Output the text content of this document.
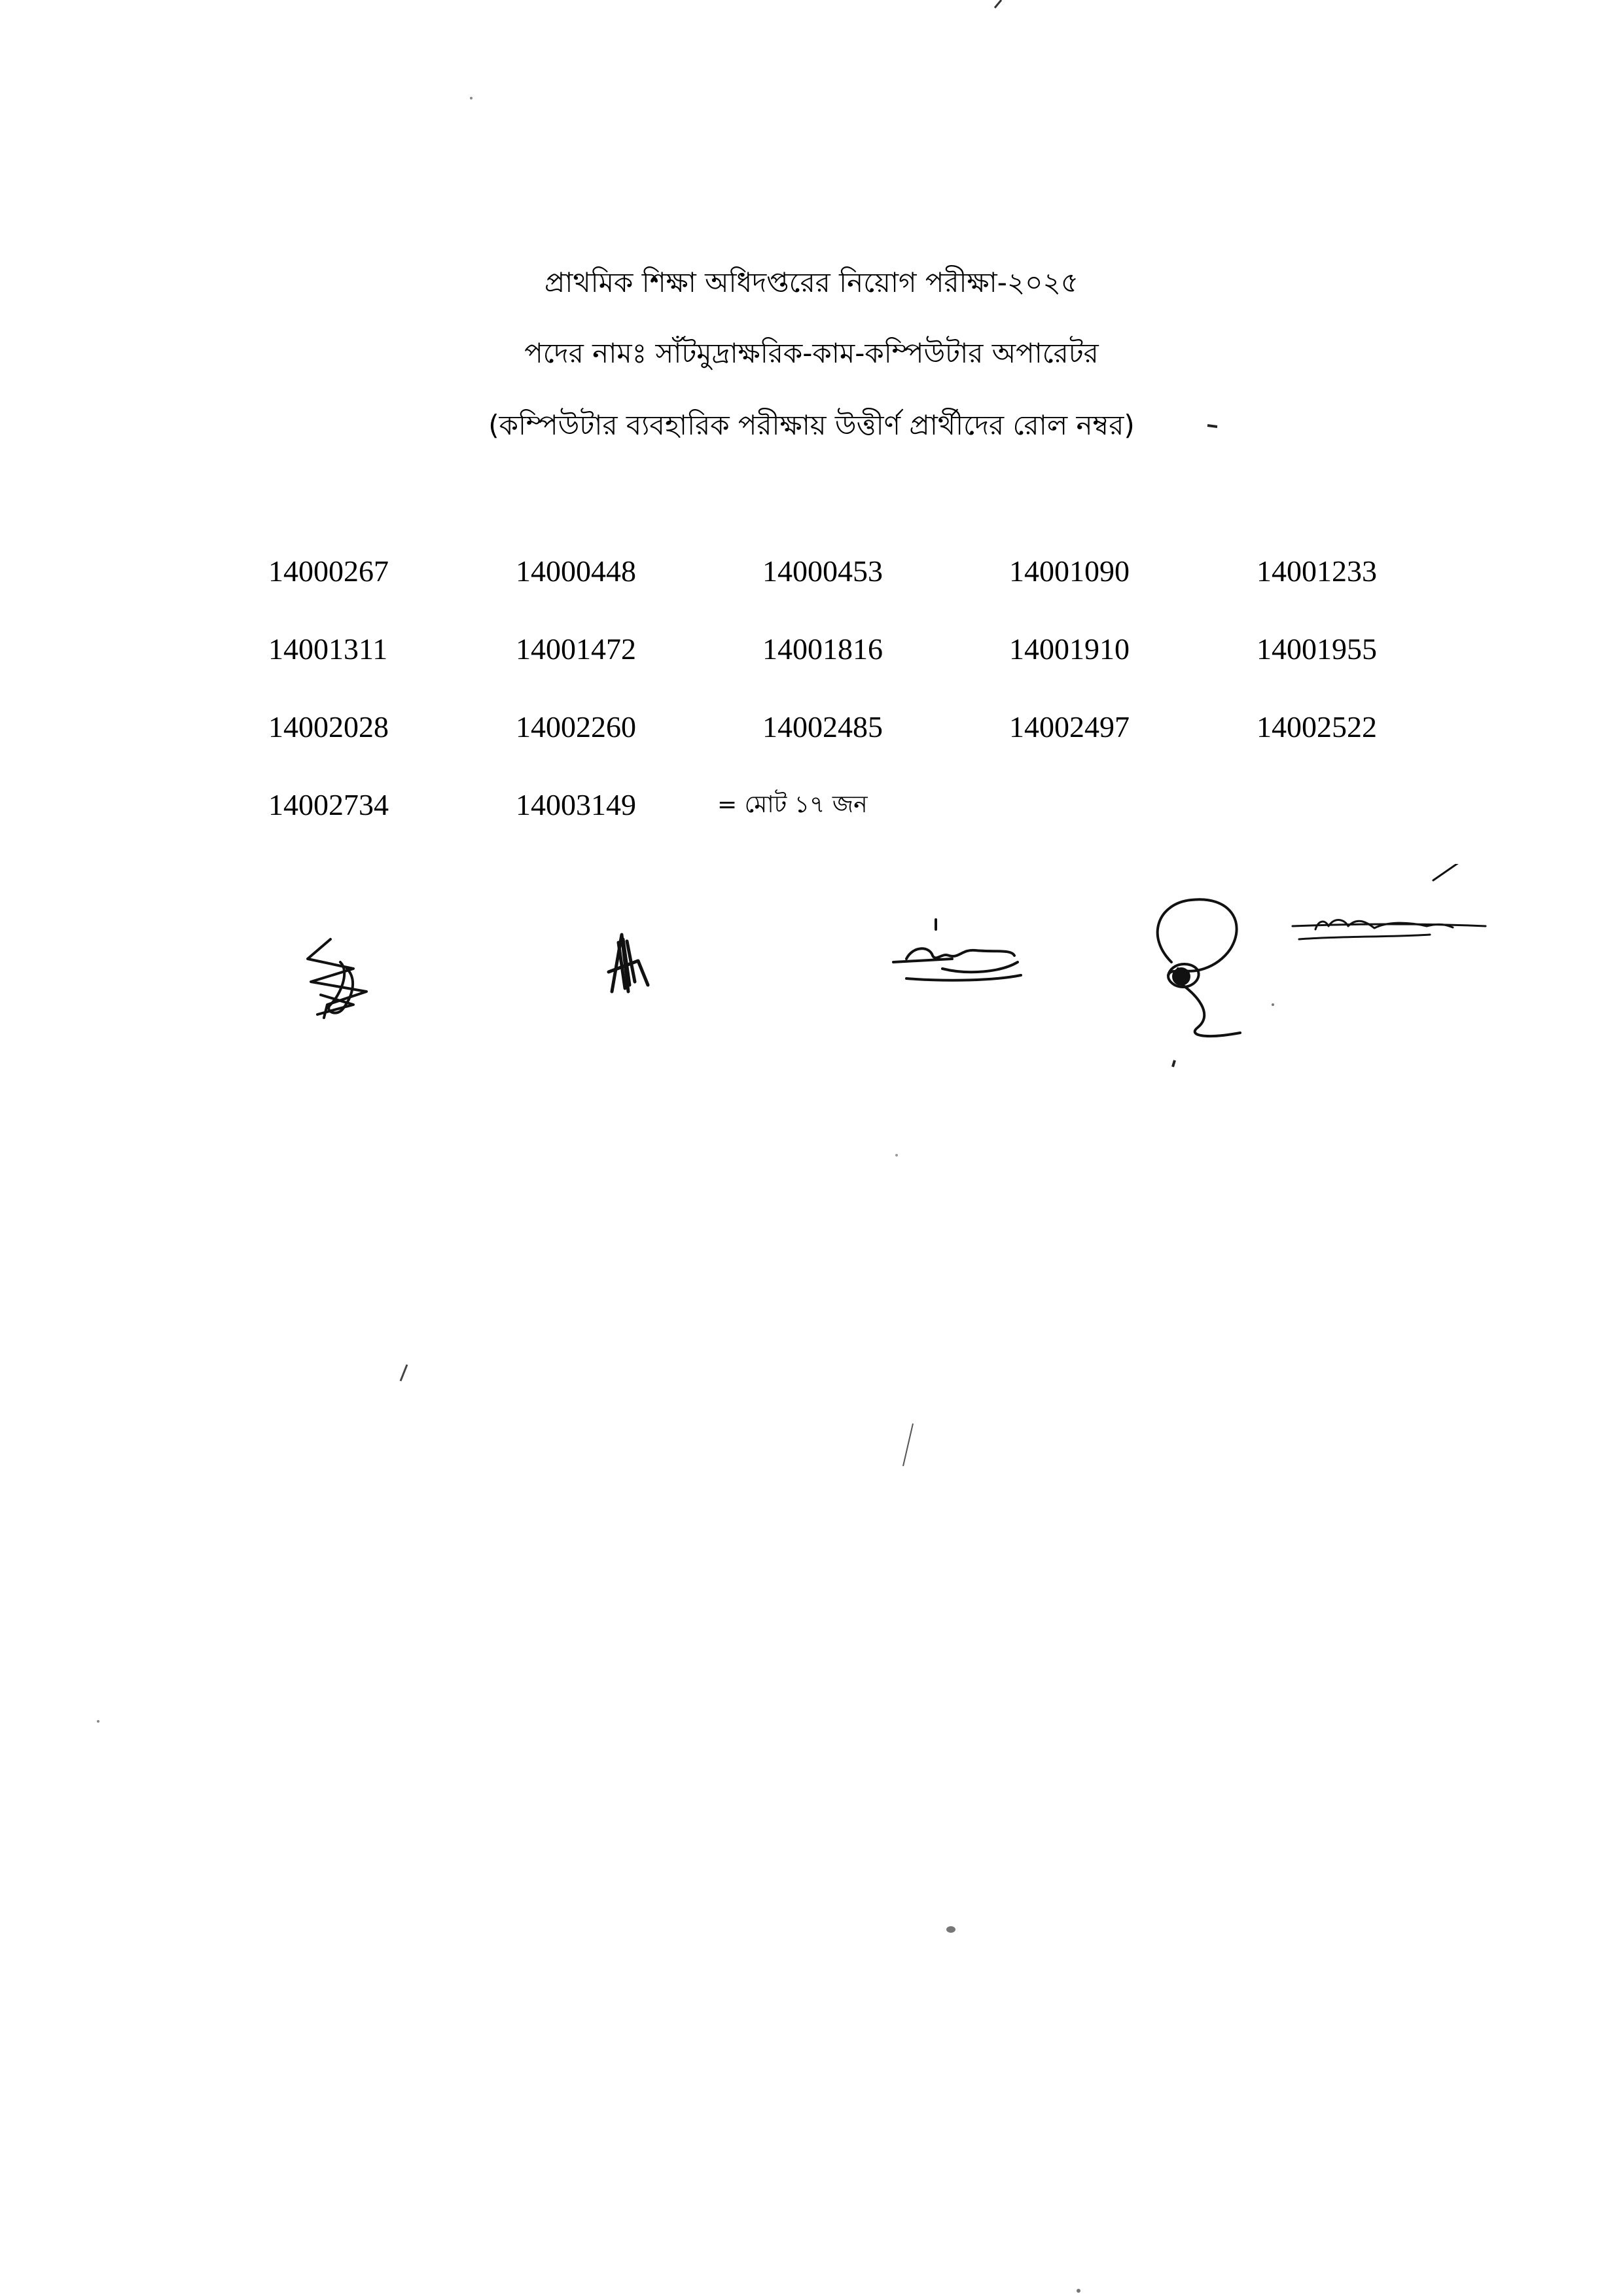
প্রাথমিক শিক্ষা অধিদপ্তরের নিয়োগ পরীক্ষা-২০২৫
পদের নামঃ সাঁটমুদ্রাক্ষরিক-কাম-কম্পিউটার অপারেটর
(কম্পিউটার ব্যবহারিক পরীক্ষায় উত্তীর্ণ প্রার্থীদের রোল নম্বর)
14000267	14000448	14000453	14001090	14001233
14001311	14001472	14001816	14001910	14001955
14002028	14002260	14002485	14002497	14002522
14002734	14003149	= মোট ১৭ জন
